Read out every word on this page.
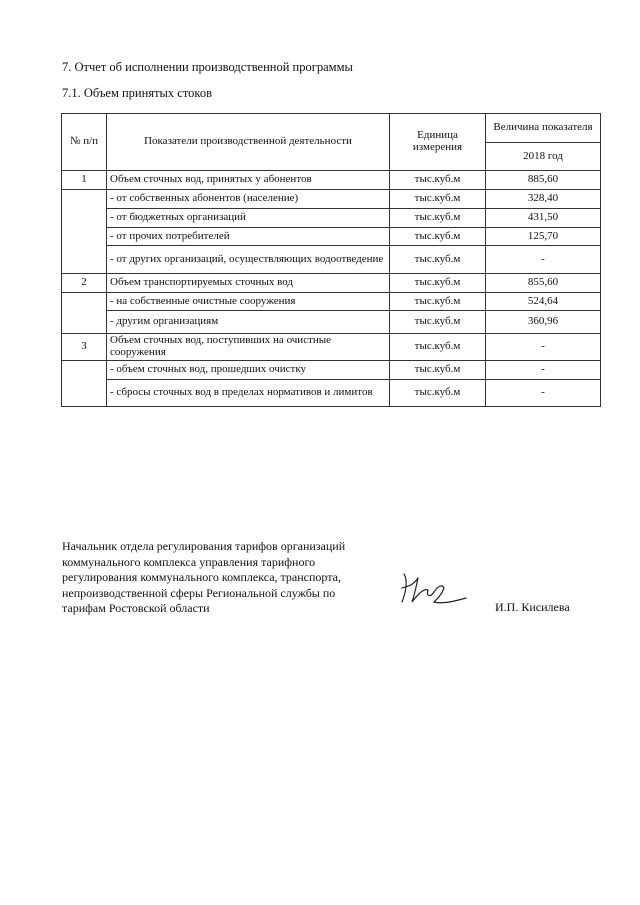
7. Отчет об исполнении производственной программы
7.1. Объем принятых стоков
№ п/п	Показатели производственной деятельности	Единица измерения	Величина показателя
			2018 год
1	Объем сточных вод, принятых у абонентов	тыс.куб.м	885,60
	- от собственных абонентов (население)	тыс.куб.м	328,40
	- от бюджетных организаций	тыс.куб.м	431,50
	- от прочих потребителей	тыс.куб.м	125,70
	- от других организаций, осуществляющих водоотведение	тыс.куб.м	-
2	Объем транспортируемых сточных вод	тыс.куб.м	855,60
	- на собственные очистные сооружения	тыс.куб.м	524,64
	- другим организациям	тыс.куб.м	360,96
3	Объем сточных вод, поступивших на очистные сооружения	тыс.куб.м	-
	- объем сточных вод, прошедших очистку	тыс.куб.м	-
	- сбросы сточных вод в пределах нормативов и лимитов	тыс.куб.м	-
Начальник отдела регулирования тарифов организаций
коммунального комплекса управления тарифного
регулирования коммунального комплекса, транспорта,
непроизводственной сферы Региональной службы по
тарифам Ростовской области	И.П. Кисилева
